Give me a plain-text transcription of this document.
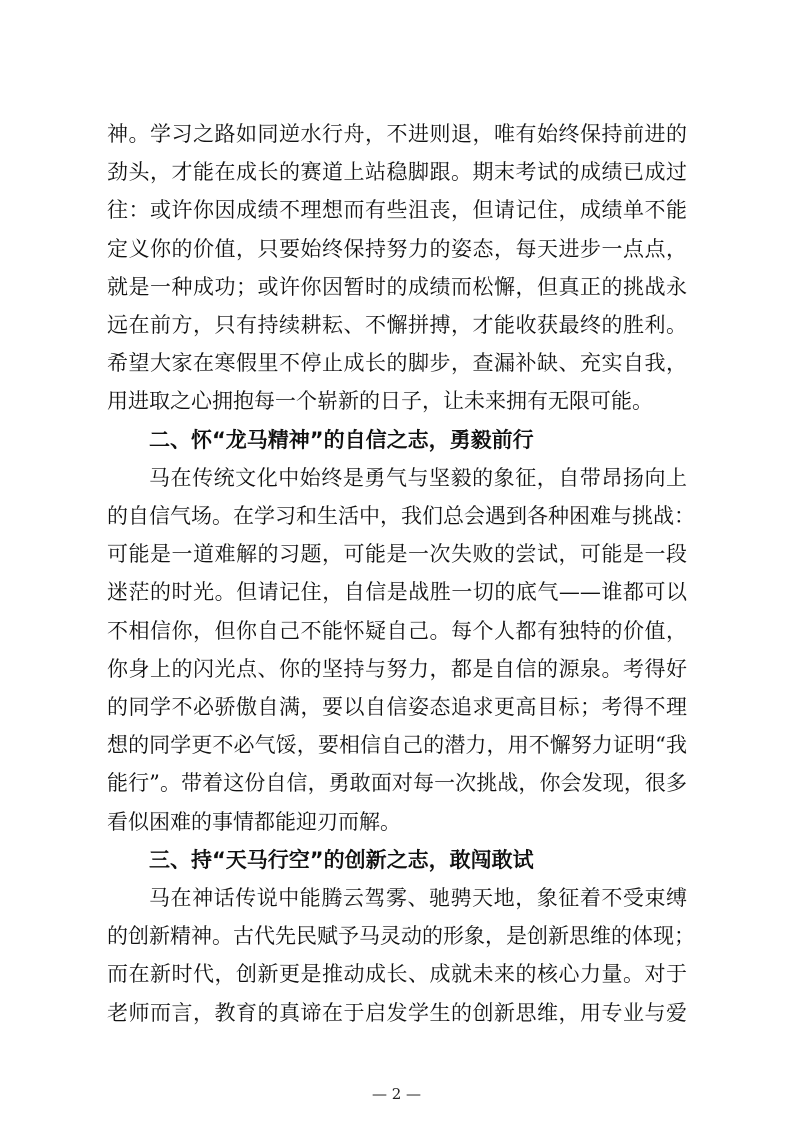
神。学习之路如同逆水行舟，不进则退，唯有始终保持前进的
劲头，才能在成长的赛道上站稳脚跟。期末考试的成绩已成过
往：或许你因成绩不理想而有些沮丧，但请记住，成绩单不能
定义你的价值，只要始终保持努力的姿态，每天进步一点点，
就是一种成功；或许你因暂时的成绩而松懈，但真正的挑战永
远在前方，只有持续耕耘、不懈拼搏，才能收获最终的胜利。
希望大家在寒假里不停止成长的脚步，查漏补缺、充实自我，
用进取之心拥抱每一个崭新的日子，让未来拥有无限可能。
二、怀“龙马精神”的自信之志，勇毅前行
马在传统文化中始终是勇气与坚毅的象征，自带昂扬向上
的自信气场。在学习和生活中，我们总会遇到各种困难与挑战：
可能是一道难解的习题，可能是一次失败的尝试，可能是一段
迷茫的时光。但请记住，自信是战胜一切的底气——谁都可以
不相信你，但你自己不能怀疑自己。每个人都有独特的价值，
你身上的闪光点、你的坚持与努力，都是自信的源泉。考得好
的同学不必骄傲自满，要以自信姿态追求更高目标；考得不理
想的同学更不必气馁，要相信自己的潜力，用不懈努力证明“我
能行”。带着这份自信，勇敢面对每一次挑战，你会发现，很多
看似困难的事情都能迎刃而解。
三、持“天马行空”的创新之志，敢闯敢试
马在神话传说中能腾云驾雾、驰骋天地，象征着不受束缚
的创新精神。古代先民赋予马灵动的形象，是创新思维的体现；
而在新时代，创新更是推动成长、成就未来的核心力量。对于
老师而言，教育的真谛在于启发学生的创新思维，用专业与爱
— 2 —
